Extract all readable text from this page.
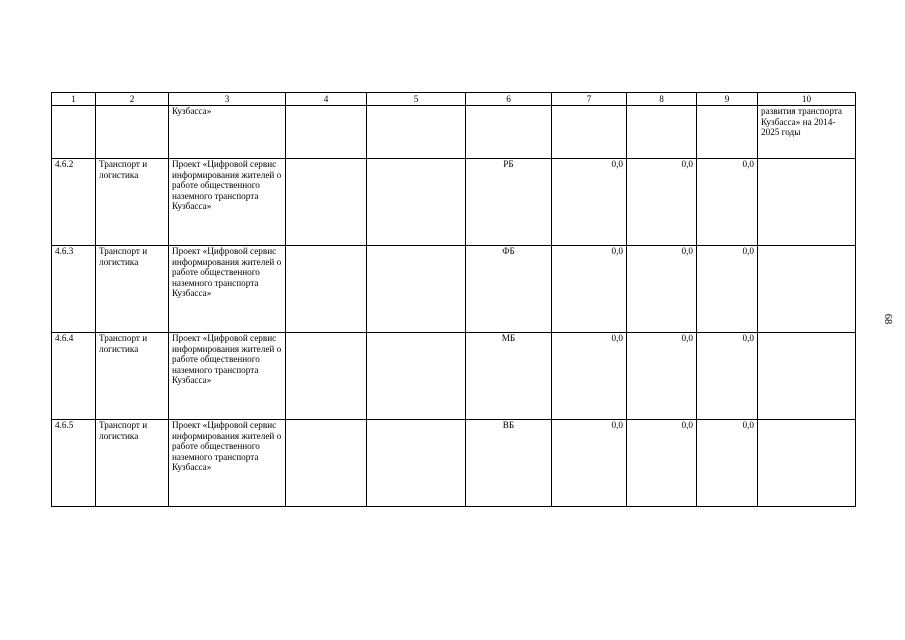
1	2	3	4	5	6	7	8	9	10
		Кузбасса»							развития транспорта Кузбасса» на 2014-2025 годы
4.6.2	Транспорт и логистика	Проект «Цифровой сервис информирования жителей о работе общественного наземного транспорта Кузбасса»			РБ	0,0	0,0	0,0	
4.6.3	Транспорт и логистика	Проект «Цифровой сервис информирования жителей о работе общественного наземного транспорта Кузбасса»			ФБ	0,0	0,0	0,0	
4.6.4	Транспорт и логистика	Проект «Цифровой сервис информирования жителей о работе общественного наземного транспорта Кузбасса»			МБ	0,0	0,0	0,0	
4.6.5	Транспорт и логистика	Проект «Цифровой сервис информирования жителей о работе общественного наземного транспорта Кузбасса»			ВБ	0,0	0,0	0,0	
68
